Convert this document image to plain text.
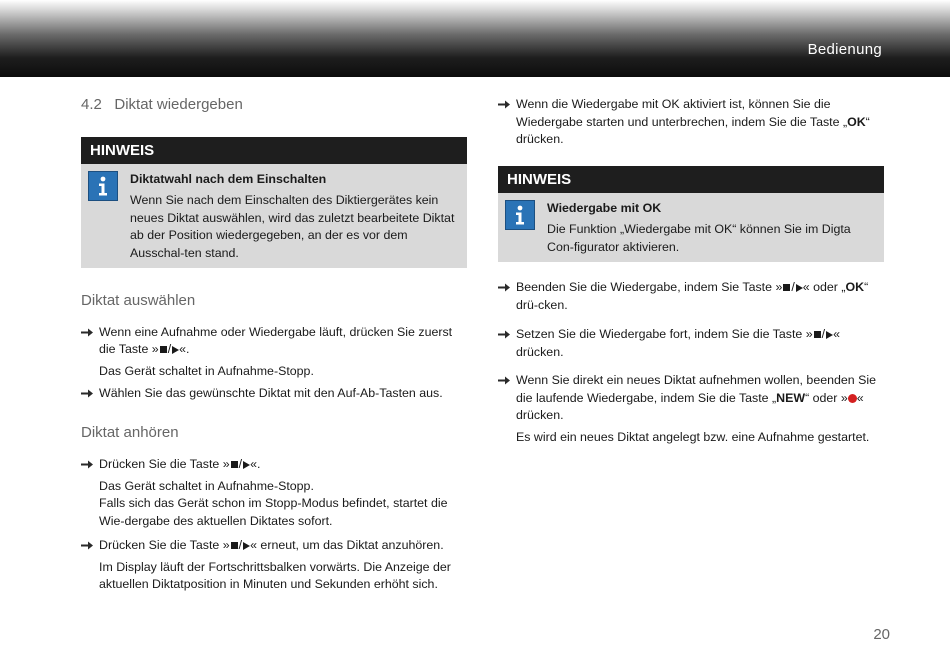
Bedienung
4.2 Diktat wiedergeben
HINWEIS
Diktatwahl nach dem Einschalten
Wenn Sie nach dem Einschalten des Diktiergerätes kein neues Diktat auswählen, wird das zuletzt bearbeitete Diktat ab der Position wiedergegeben, an der es vor dem Ausschal-ten stand.
Diktat auswählen
Wenn eine Aufnahme oder Wiedergabe läuft, drücken Sie zuerst die Taste » / «.
Das Gerät schaltet in Aufnahme-Stopp.
Wählen Sie das gewünschte Diktat mit den Auf-Ab-Tasten aus.
Diktat anhören
Drücken Sie die Taste » / «.
Das Gerät schaltet in Aufnahme-Stopp.
Falls sich das Gerät schon im Stopp-Modus befindet, startet die Wie-dergabe des aktuellen Diktates sofort.
Drücken Sie die Taste » / « erneut, um das Diktat anzuhören.
Im Display läuft der Fortschrittsbalken vorwärts. Die Anzeige der aktuellen Diktatposition in Minuten und Sekunden erhöht sich.
Wenn die Wiedergabe mit OK aktiviert ist, können Sie die Wiedergabe starten und unterbrechen, indem Sie die Taste „OK“ drücken.
HINWEIS
Wiedergabe mit OK
Die Funktion „Wiedergabe mit OK“ können Sie im Digta Con-figurator aktivieren.
Beenden Sie die Wiedergabe, indem Sie Taste » / « oder „OK“ drü-cken.
Setzen Sie die Wiedergabe fort, indem Sie die Taste » / « drücken.
Wenn Sie direkt ein neues Diktat aufnehmen wollen, beenden Sie die laufende Wiedergabe, indem Sie die Taste „NEW“ oder » « drücken.
Es wird ein neues Diktat angelegt bzw. eine Aufnahme gestartet.
20
